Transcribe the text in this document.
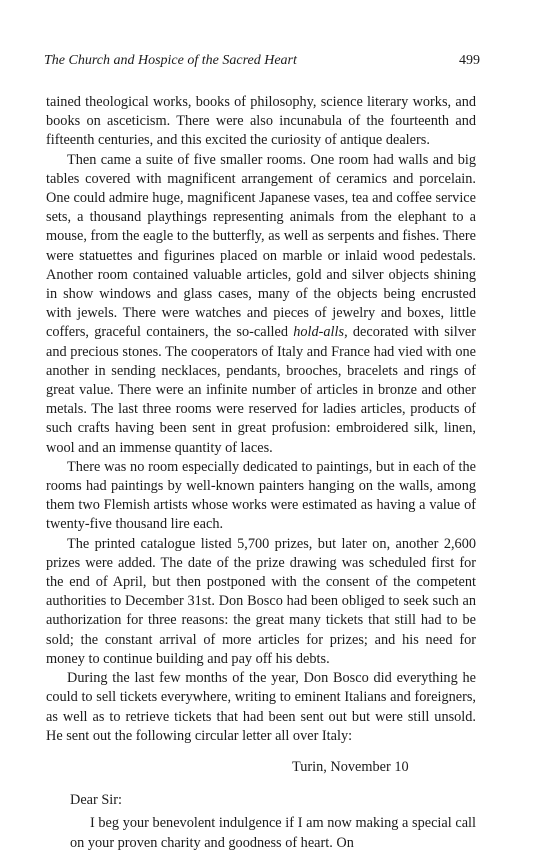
The Church and Hospice of the Sacred Heart	499

tained theological works, books of philosophy, science literary works, and books on asceticism. There were also incunabula of the fourteenth and fifteenth centuries, and this excited the curiosity of antique dealers.

Then came a suite of five smaller rooms. One room had walls and big tables covered with magnificent arrangement of ceramics and porcelain. One could admire huge, magnificent Japanese vases, tea and coffee service sets, a thousand playthings representing animals from the elephant to a mouse, from the eagle to the butterfly, as well as serpents and fishes. There were statuettes and figurines placed on marble or inlaid wood pedestals. Another room contained valuable articles, gold and silver objects shining in show windows and glass cases, many of the objects being encrusted with jewels. There were watches and pieces of jewelry and boxes, little coffers, graceful containers, the so-called hold-alls, decorated with silver and precious stones. The cooperators of Italy and France had vied with one another in sending necklaces, pendants, brooches, bracelets and rings of great value. There were an infinite number of articles in bronze and other metals. The last three rooms were reserved for ladies articles, products of such crafts having been sent in great profusion: embroidered silk, linen, wool and an immense quantity of laces.

There was no room especially dedicated to paintings, but in each of the rooms had paintings by well-known painters hanging on the walls, among them two Flemish artists whose works were estimated as having a value of twenty-five thousand lire each.

The printed catalogue listed 5,700 prizes, but later on, another 2,600 prizes were added. The date of the prize drawing was scheduled first for the end of April, but then postponed with the consent of the competent authorities to December 31st. Don Bosco had been obliged to seek such an authorization for three reasons: the great many tickets that still had to be sold; the constant arrival of more articles for prizes; and his need for money to continue building and pay off his debts.

During the last few months of the year, Don Bosco did everything he could to sell tickets everywhere, writing to eminent Italians and foreigners, as well as to retrieve tickets that had been sent out but were still unsold. He sent out the following circular letter all over Italy:

Turin, November 10

Dear Sir:

I beg your benevolent indulgence if I am now making a special call on your proven charity and goodness of heart. On
